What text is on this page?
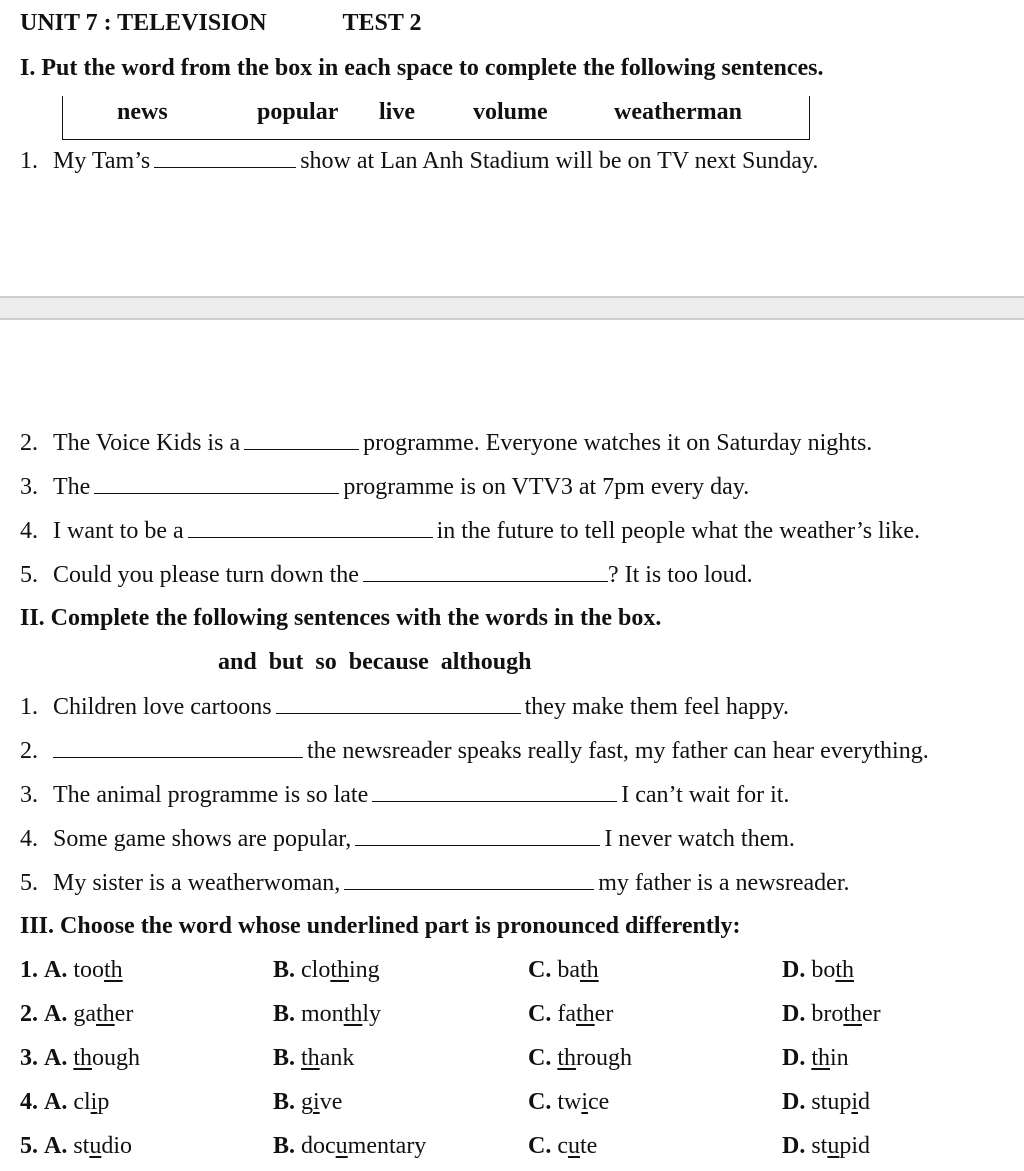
UNIT 7 : TELEVISION	TEST 2
I. Put the word from the box in each space to complete the following sentences.
news	popular live volume	weatherman
1. My Tam’s	show at Lan Anh Stadium will be on TV next Sunday.
2. The Voice Kids is a	programme. Everyone watches it on Saturday nights.
3. The	programme is on VTV3 at 7pm every day.
4. I want to be a	in the future to tell people what the weather’s like.
5. Could you please turn down the	? It is too loud.
II. Complete the following sentences with the words in the box.
and  but  so  because  although
1. Children love cartoons	they make them feel happy.
2.	the newsreader speaks really fast, my father can hear everything.
3. The animal programme is so late	I can’t wait for it.
4. Some game shows are popular,	I never watch them.
5. My sister is a weatherwoman,	my father is a newsreader.
III. Choose the word whose underlined part is pronounced differently:
1. A. tooth	B. clothing	C. bath	D. both
2. A. gather	B. monthly	C. father	D. brother
3. A. though	B. thank	C. through	D. thin
4. A. clip	B. give	C. twice	D. stupid
5. A. studio	B. documentary	C. cute	D. stupid
